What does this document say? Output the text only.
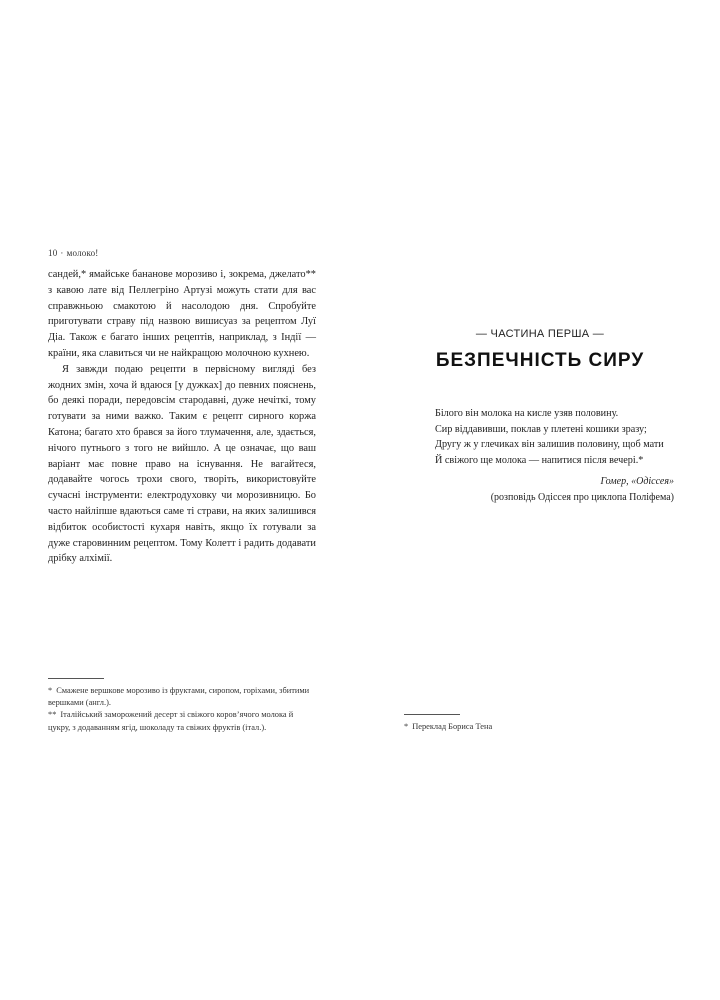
10 · молоко!

сандей,* ямайське бананове морозиво і, зокрема, джелато** з кавою лате від Пеллегріно Артузі можуть стати для вас справжньою смакотою й насолодою дня. Спробуйте приготувати страву під назвою вишисуаз за рецептом Луї Діа. Також є багато інших рецептів, наприклад, з Індії — країни, яка славиться чи не найкращою молочною кухнею.

Я завжди подаю рецепти в первісному вигляді без жодних змін, хоча й вдаюся [у дужках] до певних пояснень, бо деякі поради, передовсім стародавні, дуже нечіткі, тому готувати за ними важко. Таким є рецепт сирного коржа Катона; багато хто брався за його тлумачення, але, здається, нічого путнього з того не вийшло. А це означає, що ваш варіант має повне право на існування. Не вагайтеся, додавайте чогось трохи свого, творіть, використовуйте сучасні інструменти: електродуховку чи морозивницю. Бо часто найліпше вдаються саме ті страви, на яких залишився відбиток особистості кухаря навіть, якщо їх готували за дуже старовинним рецептом. Тому Колетт і радить додавати дрібку алхімії.

* Смажене вершкове морозиво із фруктами, сиропом, горіхами, збитими вершками (англ.).

** Італійський заморожений десерт зі свіжого коров’ячого молока й цукру, з додаванням ягід, шоколаду та свіжих фруктів (італ.).

— ЧАСТИНА ПЕРША —
БЕЗПЕЧНІСТЬ СИРУ
Білого він молока на кисле узяв половину.
Сир віддавивши, поклав у плетені кошики зразу;
Другу ж у глечиках він залишив половину, щоб мати
Й свіжого ще молока — напитися після вечері.*
Гомер, «Одіссея»
(розповідь Одіссея про циклопа Поліфема)

* Переклад Бориса Тена
